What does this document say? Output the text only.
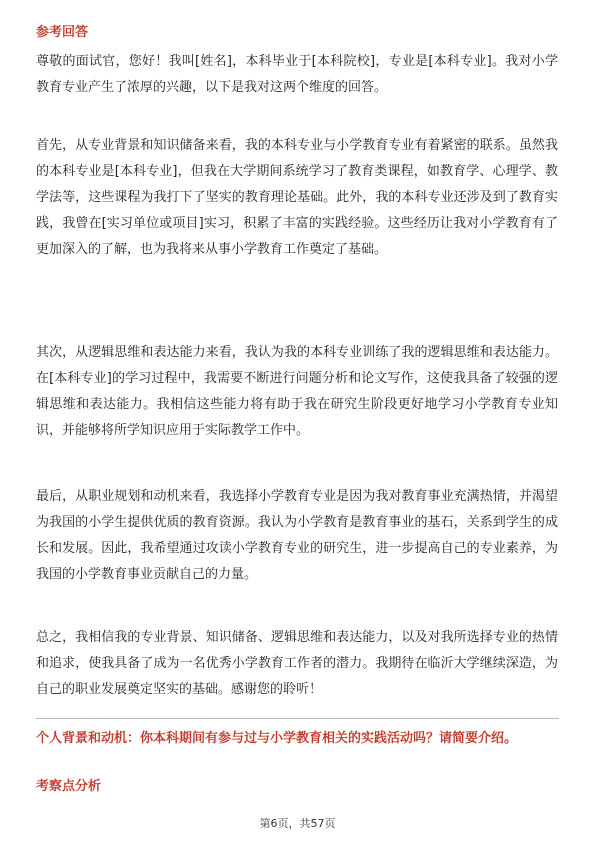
参考回答

尊敬的面试官，您好！我叫[姓名]，本科毕业于[本科院校]，专业是[本科专业]。我对小学教育专业产生了浓厚的兴趣，以下是我对这两个维度的回答。

首先，从专业背景和知识储备来看，我的本科专业与小学教育专业有着紧密的联系。虽然我的本科专业是[本科专业]，但我在大学期间系统学习了教育类课程，如教育学、心理学、教学法等，这些课程为我打下了坚实的教育理论基础。此外，我的本科专业还涉及到了教育实践，我曾在[实习单位或项目]实习，积累了丰富的实践经验。这些经历让我对小学教育有了更加深入的了解，也为我将来从事小学教育工作奠定了基础。

其次，从逻辑思维和表达能力来看，我认为我的本科专业训练了我的逻辑思维和表达能力。在[本科专业]的学习过程中，我需要不断进行问题分析和论文写作，这使我具备了较强的逻辑思维和表达能力。我相信这些能力将有助于我在研究生阶段更好地学习小学教育专业知识，并能够将所学知识应用于实际教学工作中。

最后，从职业规划和动机来看，我选择小学教育专业是因为我对教育事业充满热情，并渴望为我国的小学生提供优质的教育资源。我认为小学教育是教育事业的基石，关系到学生的成长和发展。因此，我希望通过攻读小学教育专业的研究生，进一步提高自己的专业素养，为我国的小学教育事业贡献自己的力量。

总之，我相信我的专业背景、知识储备、逻辑思维和表达能力，以及对我所选择专业的热情和追求，使我具备了成为一名优秀小学教育工作者的潜力。我期待在临沂大学继续深造，为自己的职业发展奠定坚实的基础。感谢您的聆听！

个人背景和动机：你本科期间有参与过与小学教育相关的实践活动吗？请简要介绍。

考察点分析
第6页，共57页
